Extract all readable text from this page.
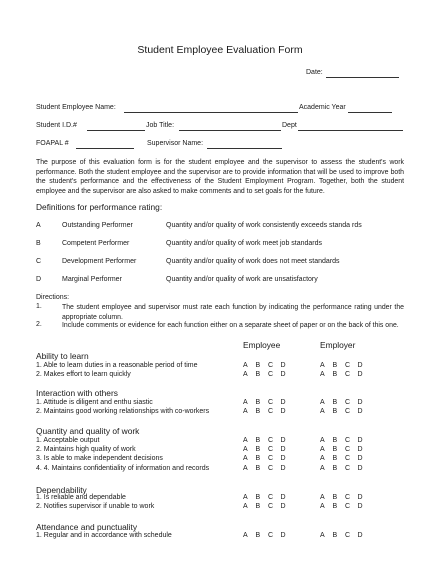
Student Employee Evaluation Form
Date:
Student Employee Name:	Academic Year
Student I.D.#	Job Title:	Dept
FOAPAL #	Supervisor Name:
The purpose of this evaluation form is for the student employee and the supervisor to assess the student's work performance. Both the student employee and the supervisor are to provide information that will be used to improve both the student's performance and the effectiveness of the Student Employment Program. Together, both the student employee and the supervisor are also asked to make comments and to set goals for the future.
Definitions for performance rating:
A	Outstanding Performer	Quantity and/or quality of work consistently exceeds standa rds
B	Competent Performer	Quantity and/or quality of work meet job standards
C	Development Performer	Quantity and/or quality of work does not meet standards
D	Marginal Performer	Quantity and/or quality of work are unsatisfactory
Directions:
1.	The student employee and supervisor must rate each function by indicating the performance rating under the appropriate column.
2.	Include comments or evidence for each function either on a separate sheet of paper or on the back of this one.
Employee	Employer
Ability to learn
1. Able to learn duties in a reasonable period of time	A B C D	A B C D
2. Makes effort to learn quickly	A B C D	A B C D
Interaction with others
1. Attitude is diligent and enthu siastic	A B C D	A B C D
2. Maintains good working relationships with co-workers	A B C D	A B C D
Quantity and quality of work
1. Acceptable output	A B C D	A B C D
2. Maintains high quality of work	A B C D	A B C D
3. Is able to make independent decisions	A B C D	A B C D
4. 4. Maintains confidentiality of information and records	A B C D	A B C D
Dependability
1. Is reliable and dependable	A B C D	A B C D
2. Notifies supervisor if unable to work	A B C D	A B C D
Attendance and punctuality
1. Regular and in accordance with schedule	A B C D	A B C D
